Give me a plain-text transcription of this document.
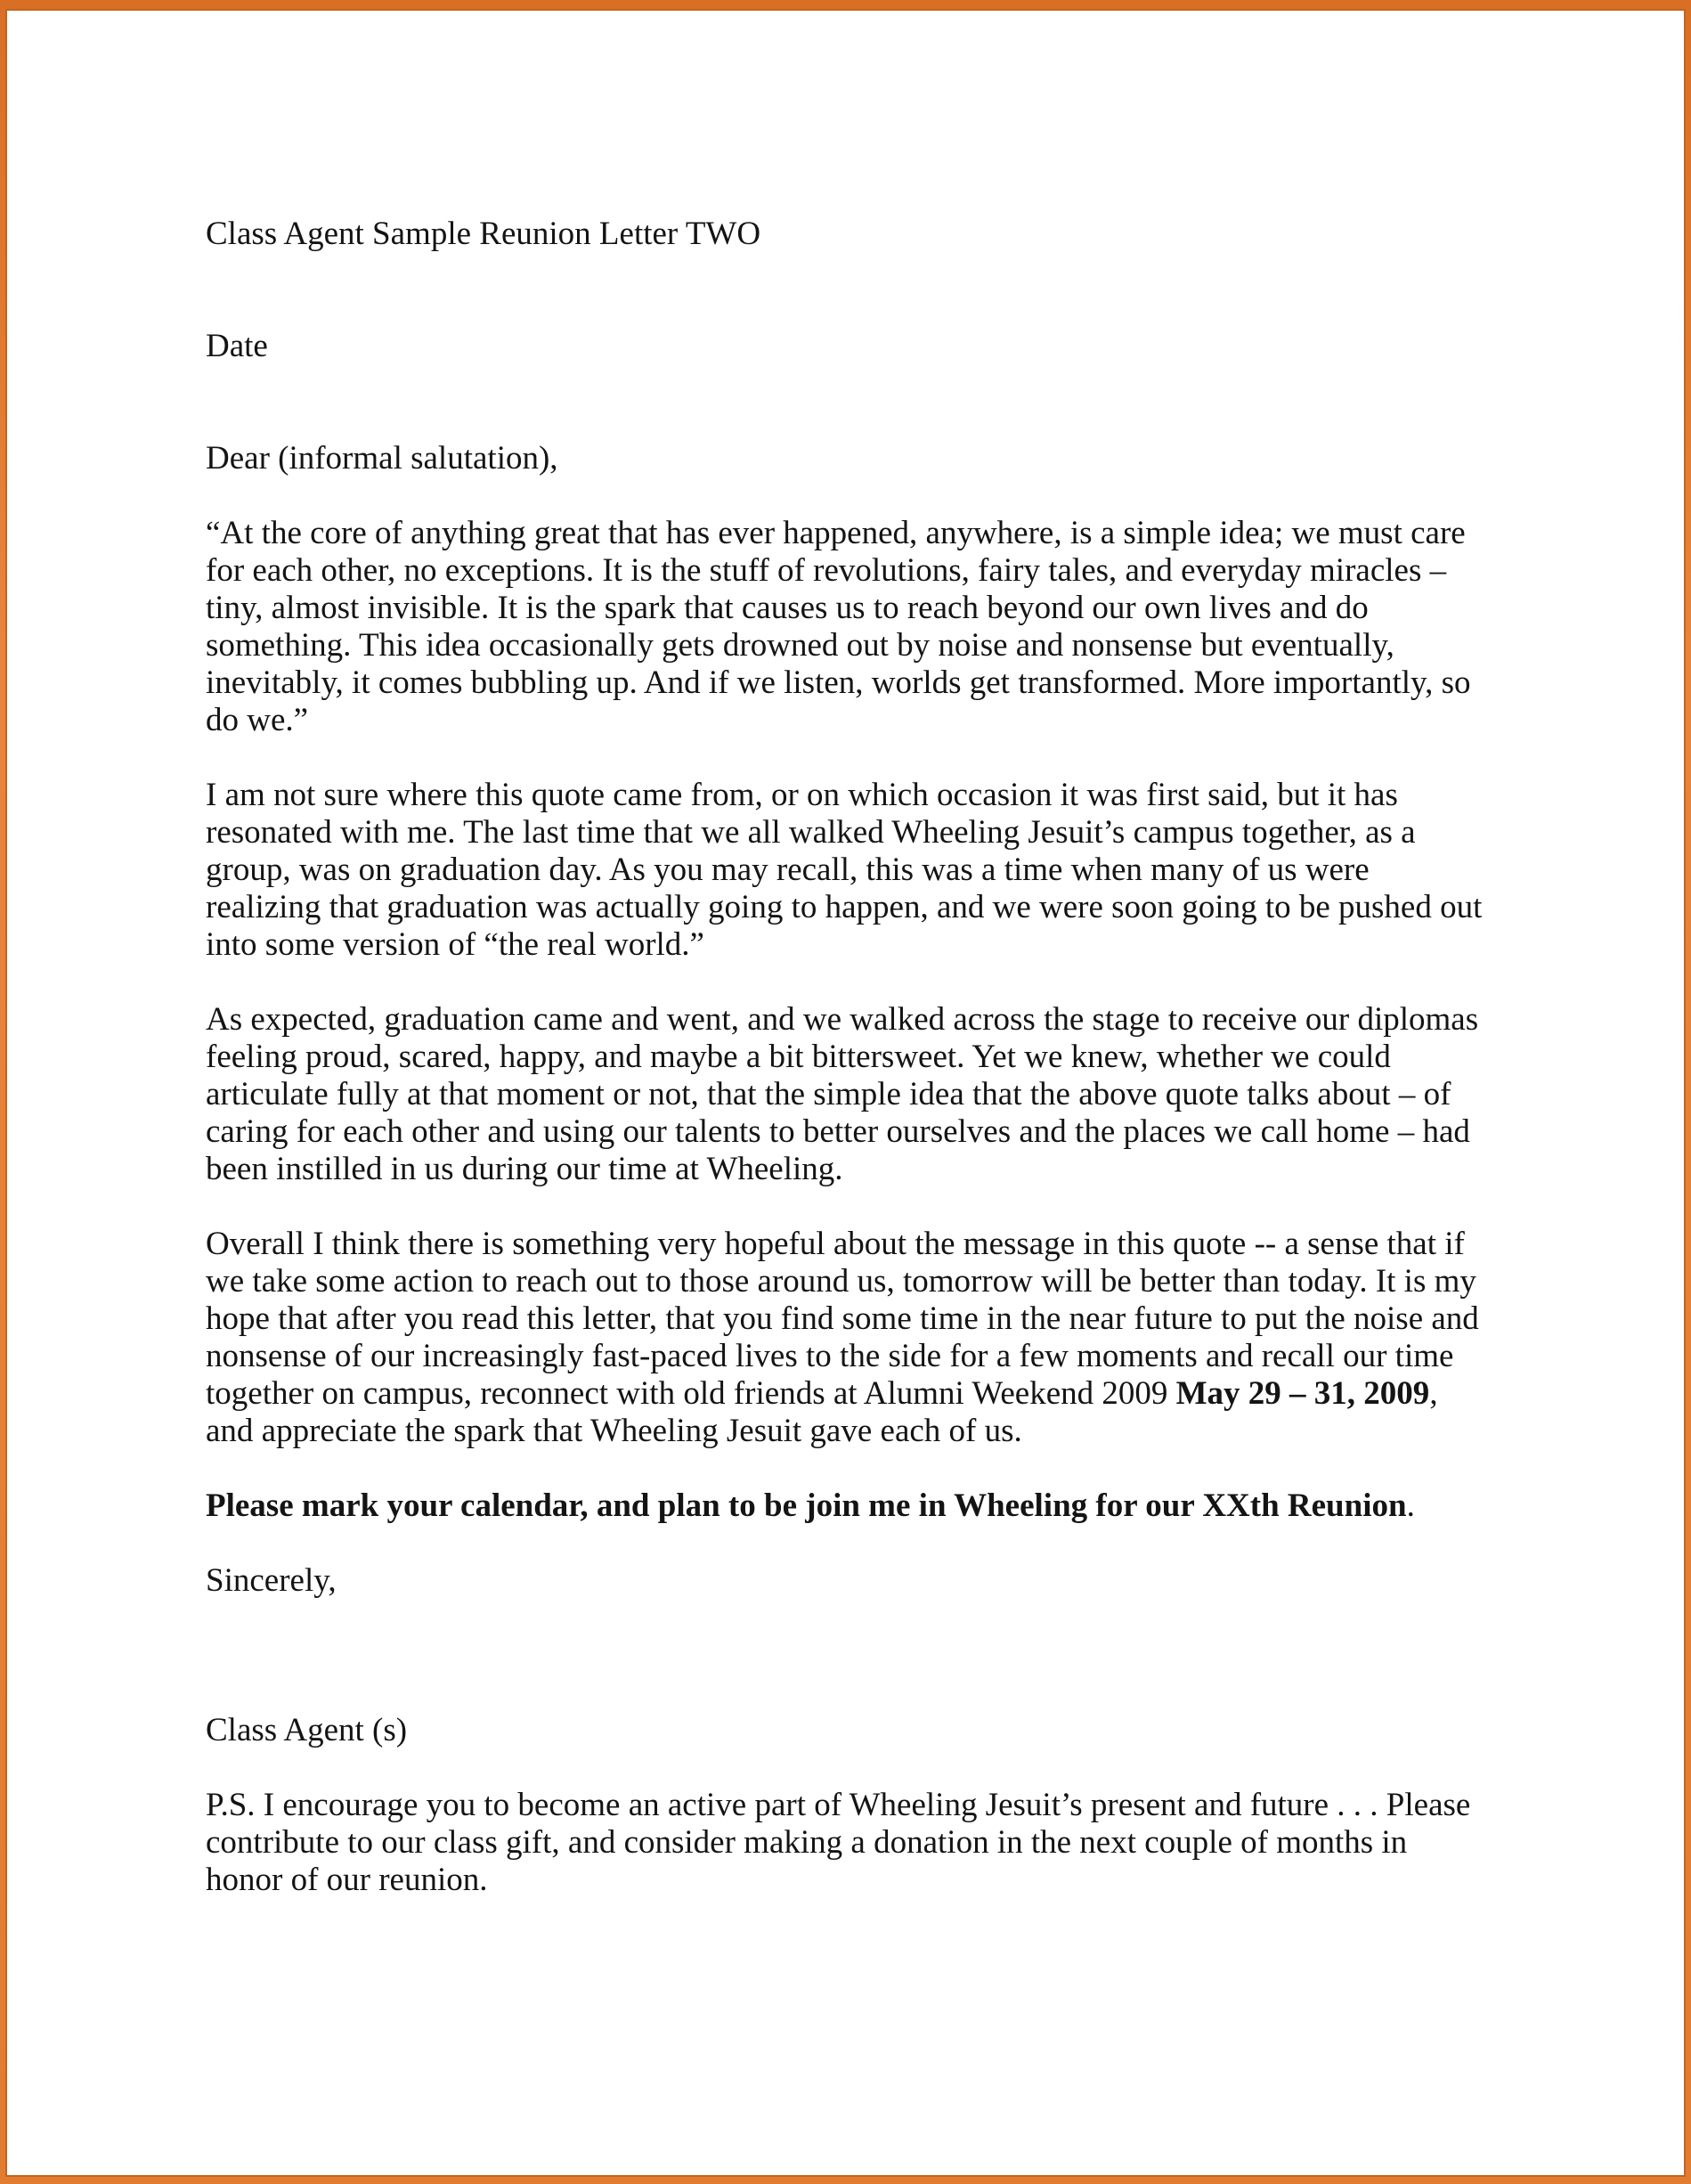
Class Agent Sample Reunion Letter TWO

Date

Dear (informal salutation),

“At the core of anything great that has ever happened, anywhere, is a simple idea; we must care for each other, no exceptions. It is the stuff of revolutions, fairy tales, and everyday miracles – tiny, almost invisible. It is the spark that causes us to reach beyond our own lives and do something. This idea occasionally gets drowned out by noise and nonsense but eventually, inevitably, it comes bubbling up. And if we listen, worlds get transformed. More importantly, so do we.”

I am not sure where this quote came from, or on which occasion it was first said, but it has resonated with me. The last time that we all walked Wheeling Jesuit’s campus together, as a group, was on graduation day. As you may recall, this was a time when many of us were realizing that graduation was actually going to happen, and we were soon going to be pushed out into some version of “the real world.”

As expected, graduation came and went, and we walked across the stage to receive our diplomas feeling proud, scared, happy, and maybe a bit bittersweet. Yet we knew, whether we could articulate fully at that moment or not, that the simple idea that the above quote talks about – of caring for each other and using our talents to better ourselves and the places we call home – had been instilled in us during our time at Wheeling.

Overall I think there is something very hopeful about the message in this quote -- a sense that if we take some action to reach out to those around us, tomorrow will be better than today. It is my hope that after you read this letter, that you find some time in the near future to put the noise and nonsense of our increasingly fast-paced lives to the side for a few moments and recall our time together on campus, reconnect with old friends at Alumni Weekend 2009 May 29 – 31, 2009, and appreciate the spark that Wheeling Jesuit gave each of us.

Please mark your calendar, and plan to be join me in Wheeling for our XXth Reunion.

Sincerely,

Class Agent (s)

P.S. I encourage you to become an active part of Wheeling Jesuit’s present and future . . . Please contribute to our class gift, and consider making a donation in the next couple of months in honor of our reunion.
